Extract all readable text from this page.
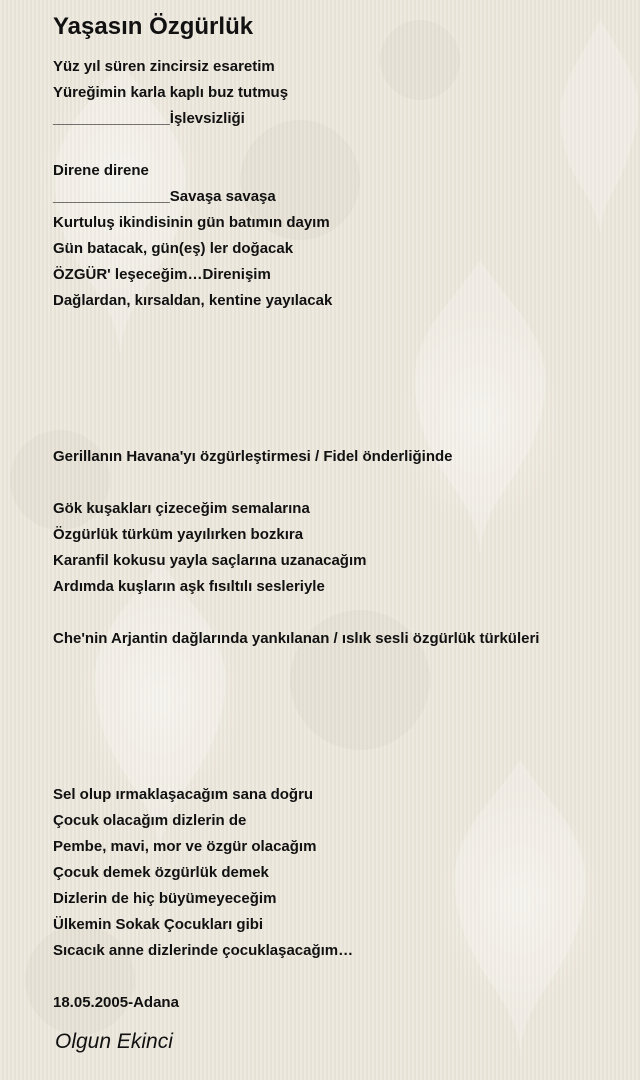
Yaşasın Özgürlük
Yüz yıl süren zincirsiz esaretim
Yüreğimin karla kaplı buz tutmuş
______________İşlevsizliği
Direne direne
______________Savaşa savaşa
Kurtuluş ikindisinin gün batımın dayım
Gün batacak, gün(eş) ler doğacak
ÖZGÜR' leşeceğim…Direnişim
Dağlardan, kırsaldan, kentine yayılacak
Gerillanın Havana'yı özgürleştirmesi / Fidel önderliğinde
Gök kuşakları çizeceğim semalarına
Özgürlük türküm yayılırken bozkıra
Karanfil kokusu yayla saçlarına uzanacağım
Ardımda kuşların aşk fısıltılı sesleriyle
Che'nin Arjantin dağlarında yankılanan / ıslık sesli özgürlük türküleri
Sel olup ırmaklaşacağım sana doğru
Çocuk olacağım dizlerin de
Pembe, mavi, mor ve özgür olacağım
Çocuk demek özgürlük demek
Dizlerin de hiç büyümeyeceğim
Ülkemin Sokak Çocukları gibi
Sıcacık anne dizlerinde çocuklaşacağım…
18.05.2005-Adana
Olgun Ekinci
